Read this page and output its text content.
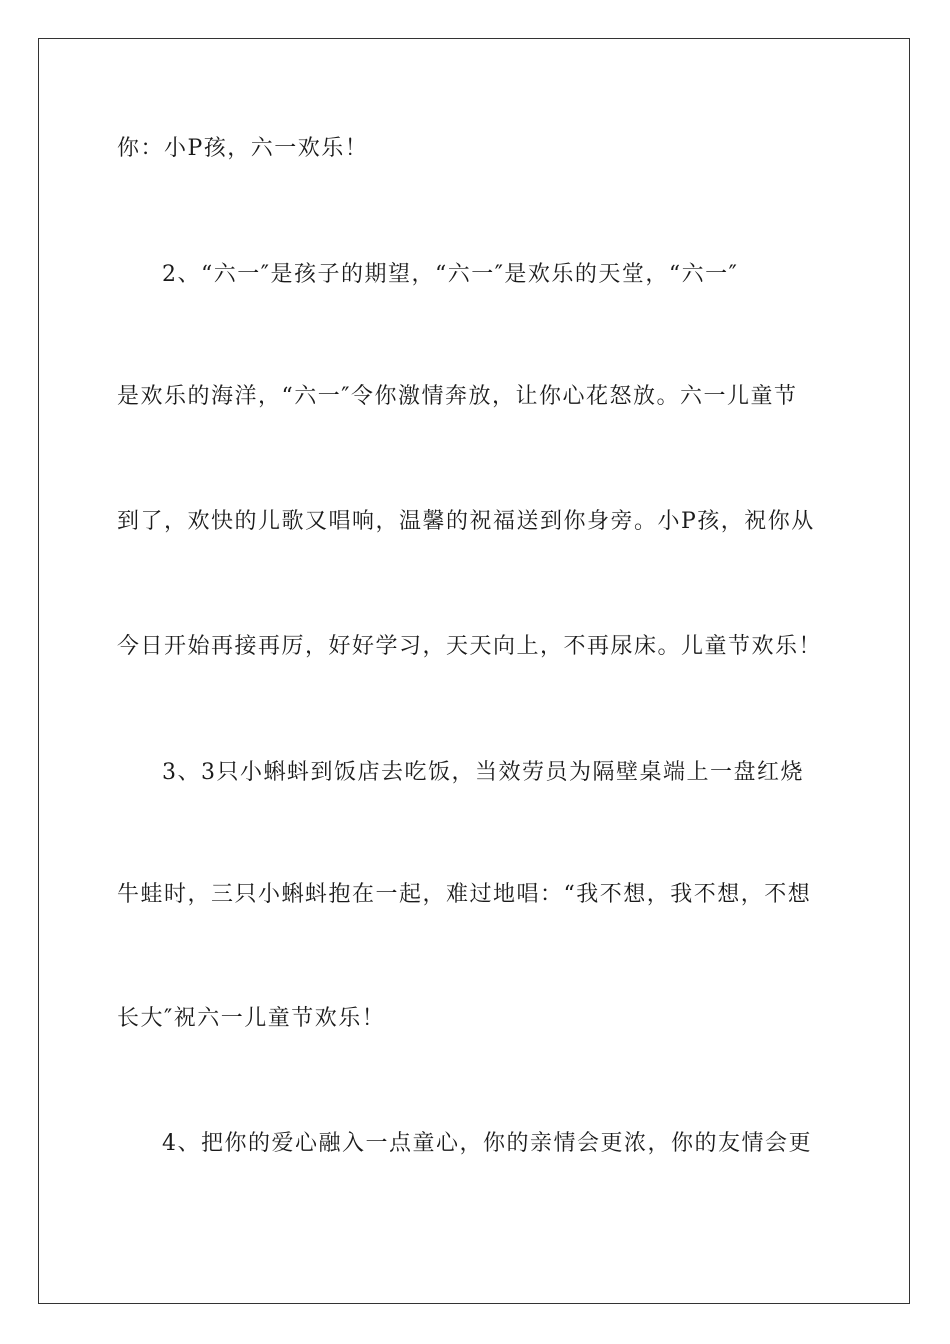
你：小P孩，六一欢乐！

2、“六一″是孩子的期望，“六一″是欢乐的天堂，“六一″

是欢乐的海洋，“六一″令你激情奔放，让你心花怒放。六一儿童节

到了，欢快的儿歌又唱响，温馨的祝福送到你身旁。小P孩，祝你从

今日开始再接再厉，好好学习，天天向上，不再尿床。儿童节欢乐！

3、3只小蝌蚪到饭店去吃饭，当效劳员为隔壁桌端上一盘红烧

牛蛙时，三只小蝌蚪抱在一起，难过地唱：“我不想，我不想，不想

长大″祝六一儿童节欢乐！

4、把你的爱心融入一点童心，你的亲情会更浓，你的友情会更
